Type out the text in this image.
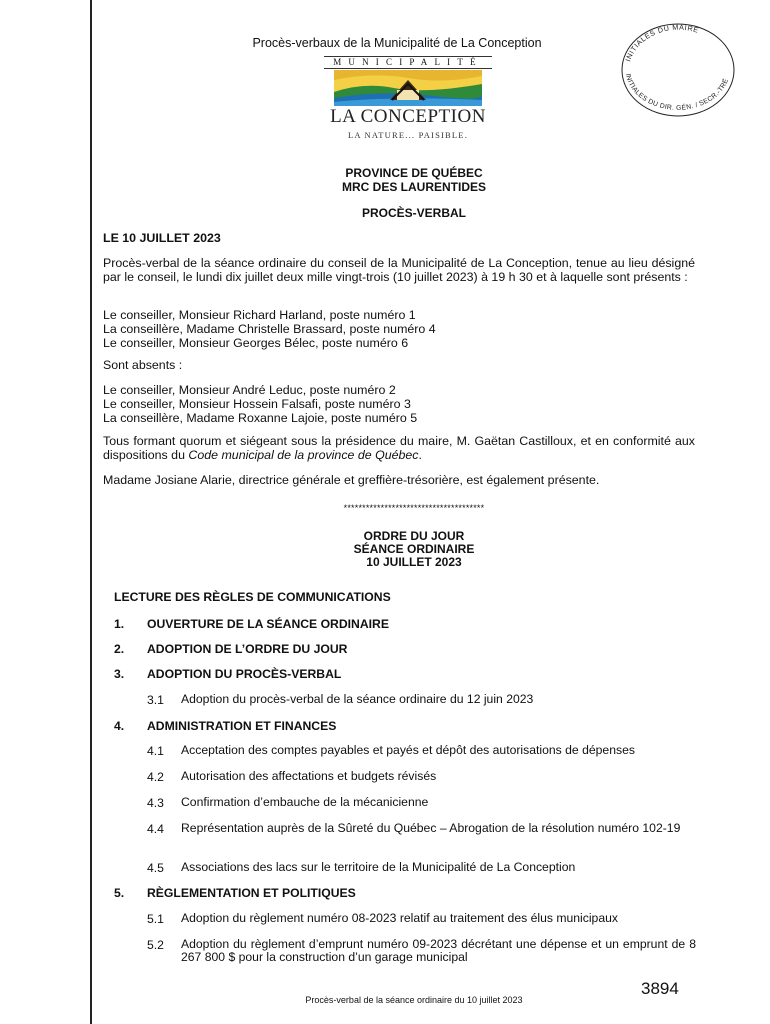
Procès-verbaux de la Municipalité de La Conception
MUNICIPALITÉ
LA CONCEPTION
LA NATURE... PAISIBLE.
INITIALES DU MAIRE
INITIALES DU DIR. GÉN. / SECR.-TRÉ
PROVINCE DE QUÉBEC
MRC DES LAURENTIDES
PROCÈS-VERBAL
LE 10 JUILLET 2023
Procès-verbal de la séance ordinaire du conseil de la Municipalité de La Conception, tenue au lieu désigné par le conseil, le lundi dix juillet deux mille vingt-trois (10 juillet 2023) à 19 h 30 et à laquelle sont présents :
Le conseiller, Monsieur Richard Harland, poste numéro 1
La conseillère, Madame Christelle Brassard, poste numéro 4
Le conseiller, Monsieur Georges Bélec, poste numéro 6
Sont absents :
Le conseiller, Monsieur André Leduc, poste numéro 2
Le conseiller, Monsieur Hossein Falsafi, poste numéro 3
La conseillère, Madame Roxanne Lajoie, poste numéro 5
Tous formant quorum et siégeant sous la présidence du maire, M. Gaëtan Castilloux, et en conformité aux dispositions du Code municipal de la province de Québec.
Madame Josiane Alarie, directrice générale et greffière-trésorière, est également présente.
**************************************
ORDRE DU JOUR
SÉANCE ORDINAIRE
10 JUILLET 2023
LECTURE DES RÈGLES DE COMMUNICATIONS
1. OUVERTURE DE LA SÉANCE ORDINAIRE
2. ADOPTION DE L’ORDRE DU JOUR
3. ADOPTION DU PROCÈS-VERBAL
3.1 Adoption du procès-verbal de la séance ordinaire du 12 juin 2023
4. ADMINISTRATION ET FINANCES
4.1 Acceptation des comptes payables et payés et dépôt des autorisations de dépenses
4.2 Autorisation des affectations et budgets révisés
4.3 Confirmation d’embauche de la mécanicienne
4.4 Représentation auprès de la Sûreté du Québec – Abrogation de la résolution numéro 102-19
4.5 Associations des lacs sur le territoire de la Municipalité de La Conception
5. RÈGLEMENTATION ET POLITIQUES
5.1 Adoption du règlement numéro 08-2023 relatif au traitement des élus municipaux
5.2 Adoption du règlement d’emprunt numéro 09-2023 décrétant une dépense et un emprunt de 8 267 800 $ pour la construction d’un garage municipal
3894
Procès-verbal de la séance ordinaire du 10 juillet 2023
